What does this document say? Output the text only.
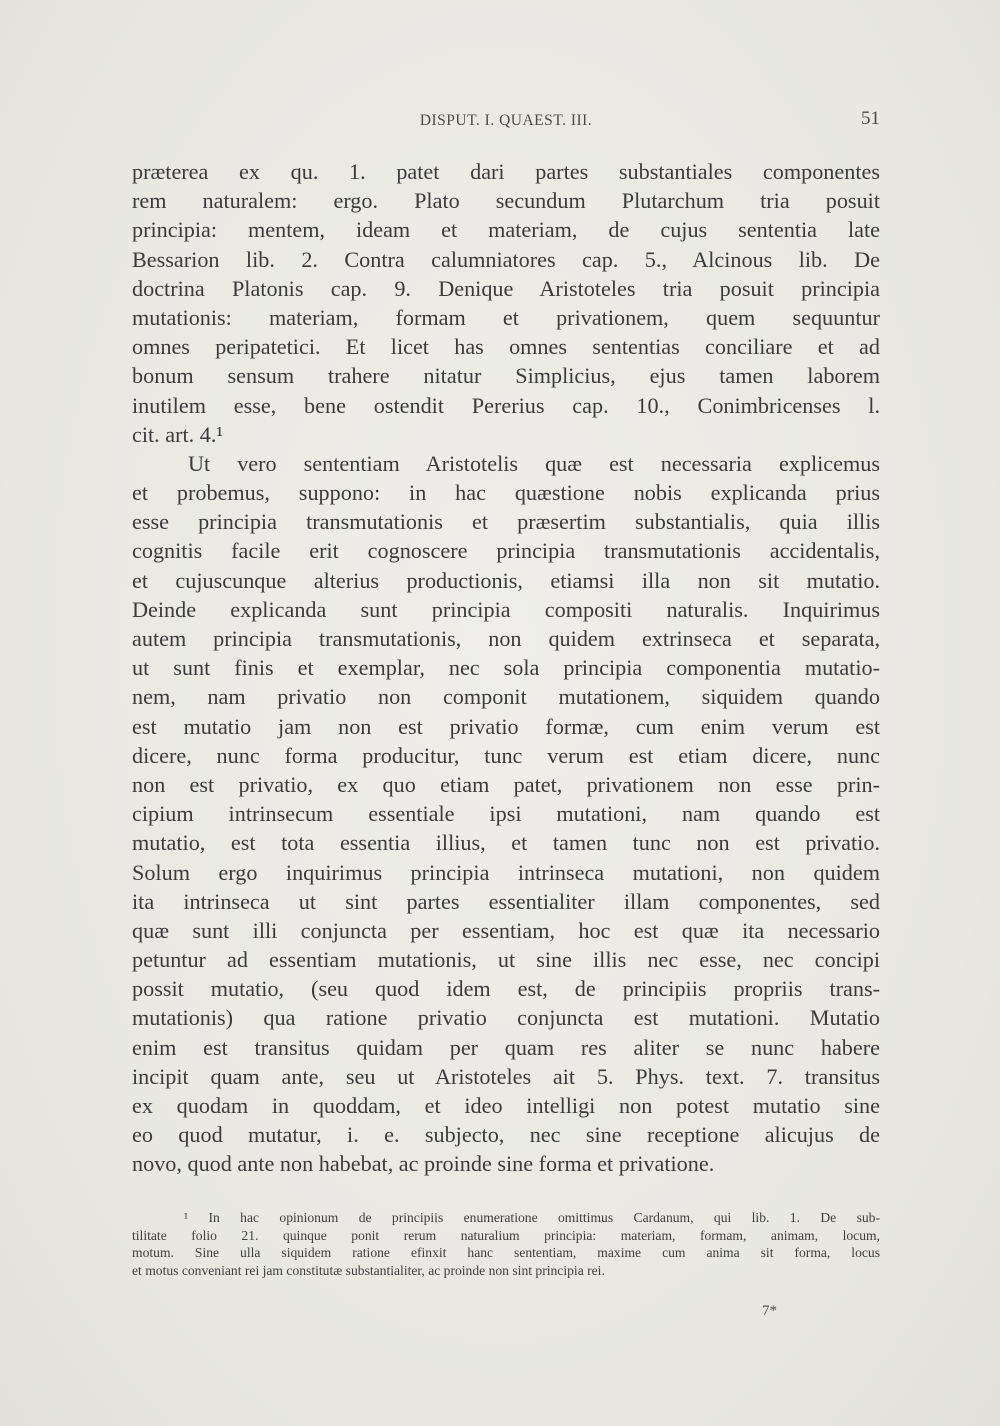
DISPUT. I. QUAEST. III.	51
præterea ex qu. 1. patet dari partes substantiales componentes
rem naturalem: ergo. Plato secundum Plutarchum tria posuit
principia: mentem, ideam et materiam, de cujus sententia late
Bessarion lib. 2. Contra calumniatores cap. 5., Alcinous lib. De
doctrina Platonis cap. 9. Denique Aristoteles tria posuit principia
mutationis: materiam, formam et privationem, quem sequuntur
omnes peripatetici. Et licet has omnes sententias conciliare et ad
bonum sensum trahere nitatur Simplicius, ejus tamen laborem
inutilem esse, bene ostendit Pererius cap. 10., Conimbricenses l.
cit. art. 4.¹
Ut vero sententiam Aristotelis quæ est necessaria explicemus
et probemus, suppono: in hac quæstione nobis explicanda prius
esse principia transmutationis et præsertim substantialis, quia illis
cognitis facile erit cognoscere principia transmutationis accidentalis,
et cujuscunque alterius productionis, etiamsi illa non sit mutatio.
Deinde explicanda sunt principia compositi naturalis. Inquirimus
autem principia transmutationis, non quidem extrinseca et separata,
ut sunt finis et exemplar, nec sola principia componentia mutatio-
nem, nam privatio non componit mutationem, siquidem quando
est mutatio jam non est privatio formæ, cum enim verum est
dicere, nunc forma producitur, tunc verum est etiam dicere, nunc
non est privatio, ex quo etiam patet, privationem non esse prin-
cipium intrinsecum essentiale ipsi mutationi, nam quando est
mutatio, est tota essentia illius, et tamen tunc non est privatio.
Solum ergo inquirimus principia intrinseca mutationi, non quidem
ita intrinseca ut sint partes essentialiter illam componentes, sed
quæ sunt illi conjuncta per essentiam, hoc est quæ ita necessario
petuntur ad essentiam mutationis, ut sine illis nec esse, nec concipi
possit mutatio, (seu quod idem est, de principiis propriis trans-
mutationis) qua ratione privatio conjuncta est mutationi. Mutatio
enim est transitus quidam per quam res aliter se nunc habere
incipit quam ante, seu ut Aristoteles ait 5. Phys. text. 7. transitus
ex quodam in quoddam, et ideo intelligi non potest mutatio sine
eo quod mutatur, i. e. subjecto, nec sine receptione alicujus de
novo, quod ante non habebat, ac proinde sine forma et privatione.
¹ In hac opinionum de principiis enumeratione omittimus Cardanum, qui lib. 1. De sub-
tilitate folio 21. quinque ponit rerum naturalium principia: materiam, formam, animam, locum,
motum. Sine ulla siquidem ratione efinxit hanc sententiam, maxime cum anima sit forma, locus
et motus conveniant rei jam constitutæ substantialiter, ac proinde non sint principia rei.
7*
